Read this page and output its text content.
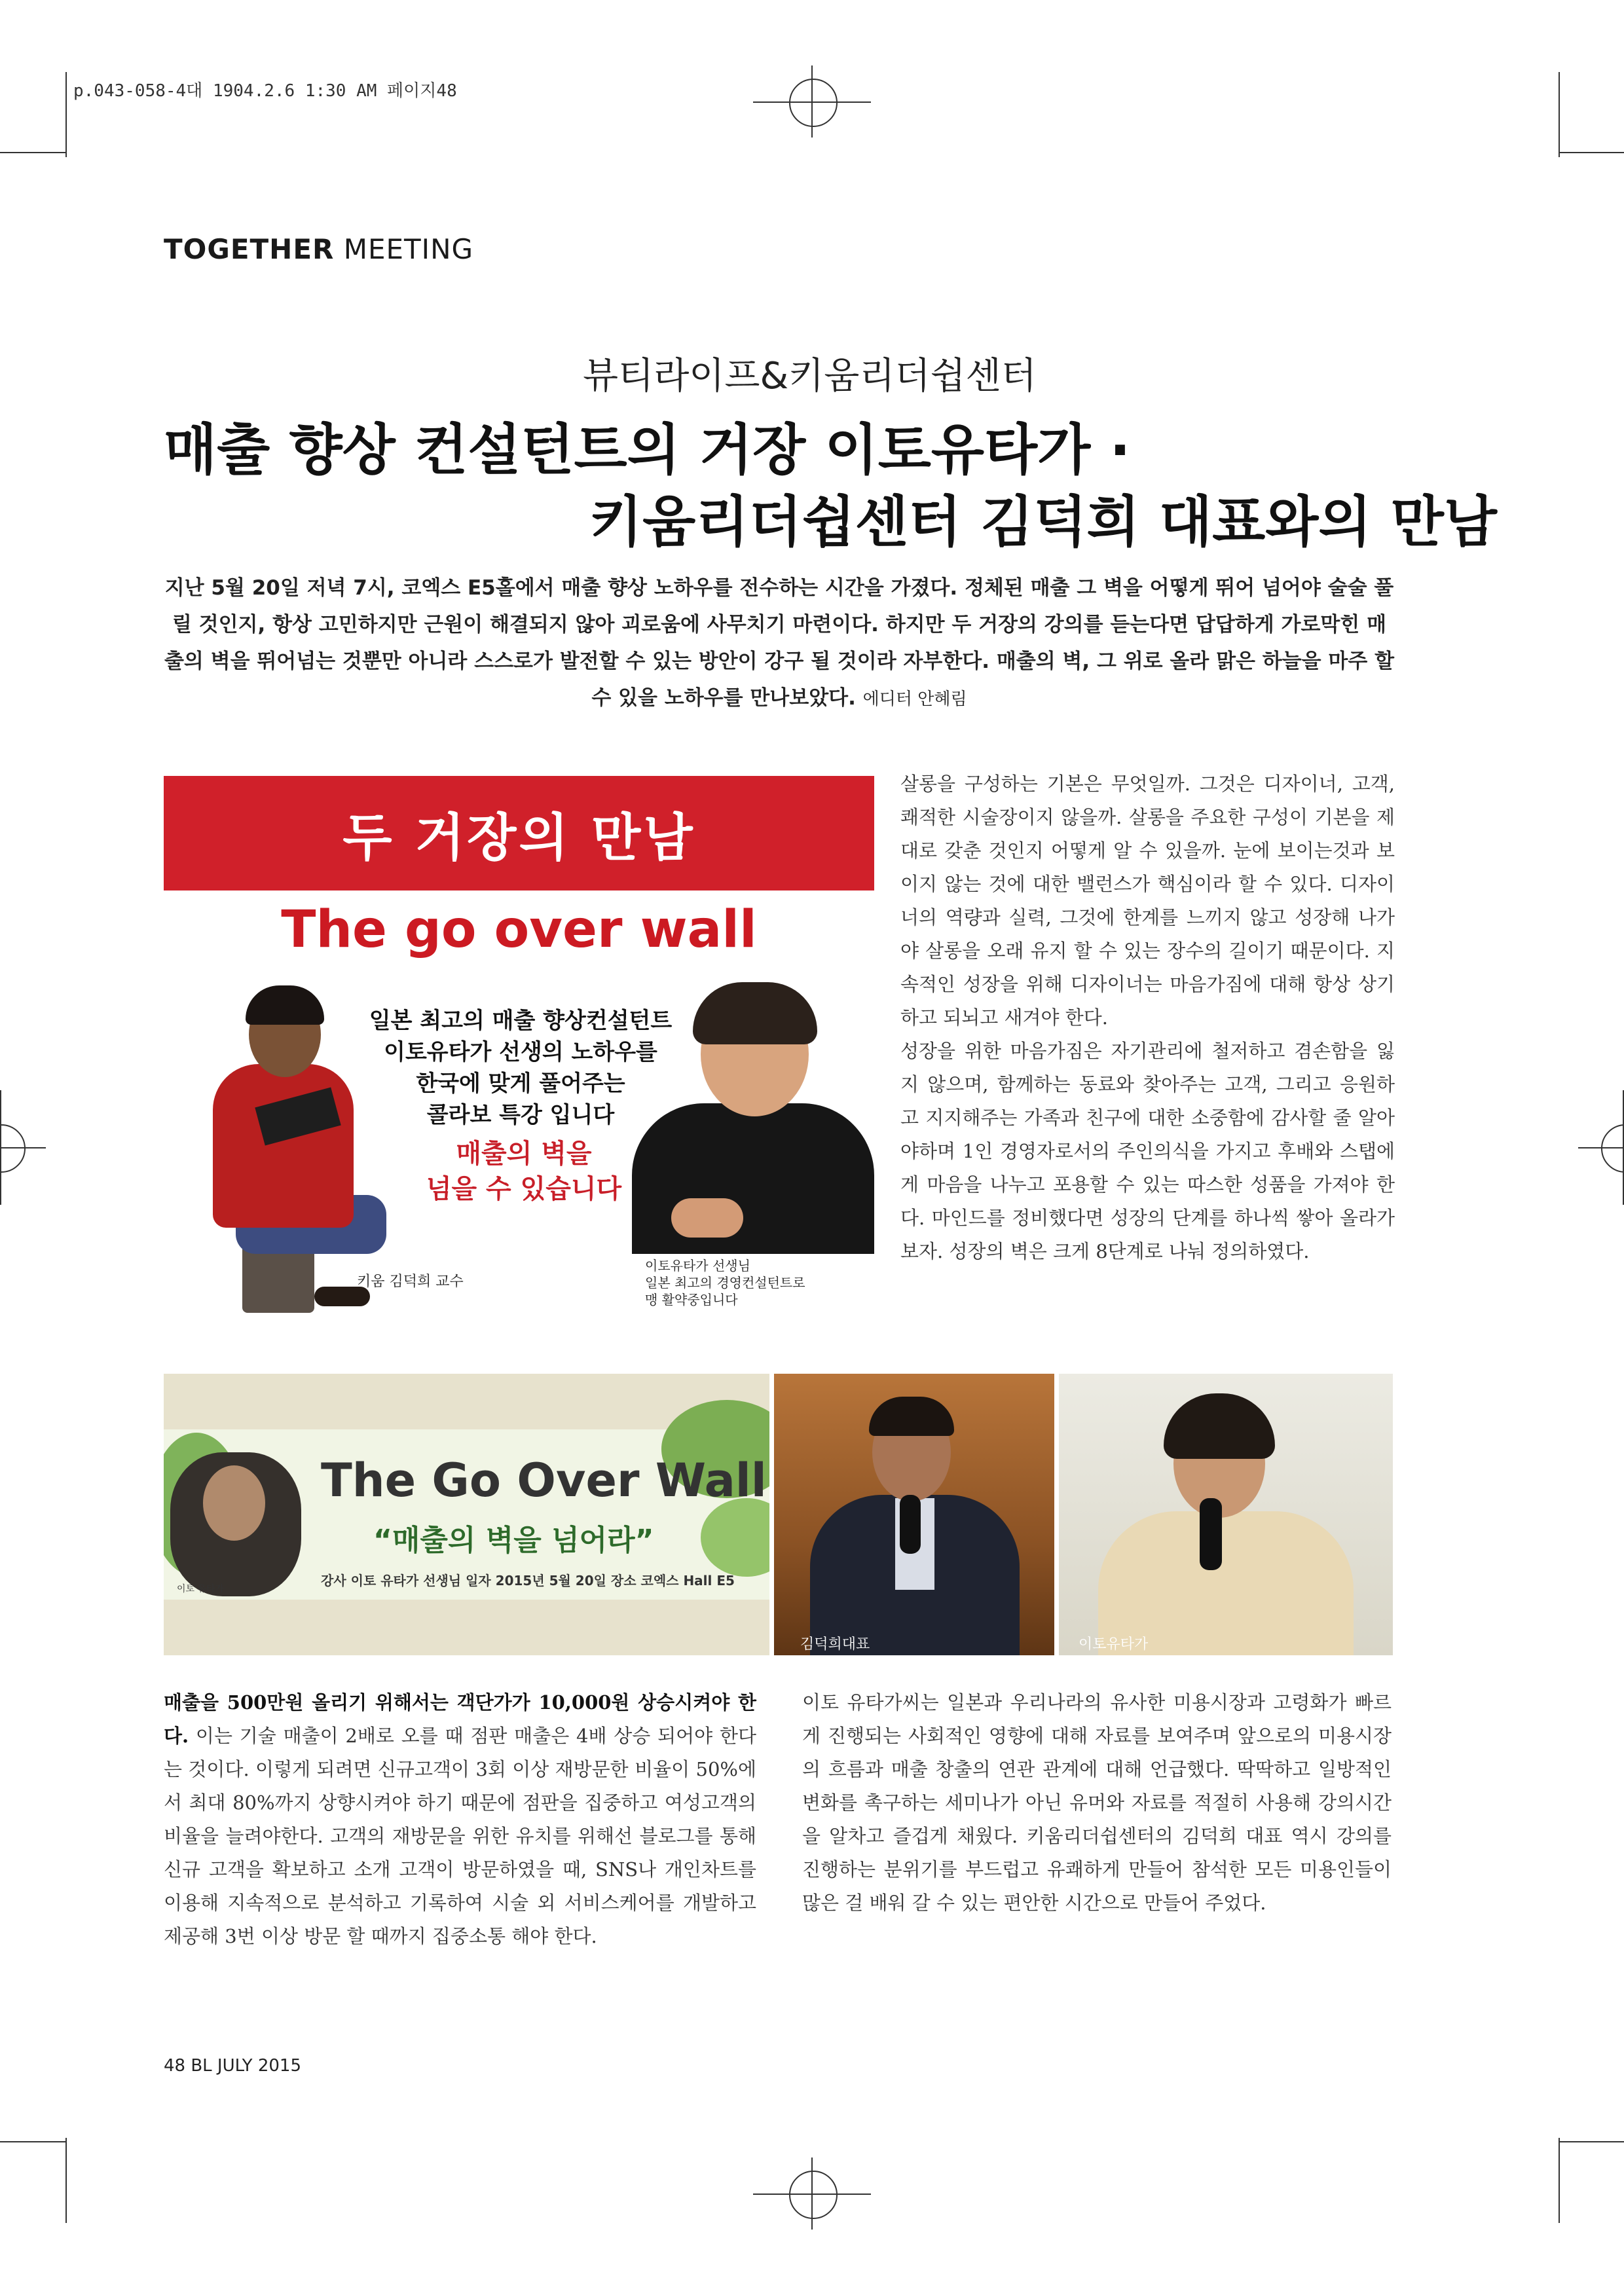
p.043-058-4대 1904.2.6 1:30 AM 페이지48
TOGETHER MEETING
뷰티라이프&키움리더쉽센터
매출 향상 컨설턴트의 거장 이토유타가 ·
키움리더쉽센터 김덕희 대표와의 만남
지난 5월 20일 저녁 7시, 코엑스 E5홀에서 매출 향상 노하우를 전수하는 시간을 가졌다. 정체된 매출 그 벽을 어떻게 뛰어 넘어야 술술 풀릴 것인지, 항상 고민하지만 근원이 해결되지 않아 괴로움에 사무치기 마련이다. 하지만 두 거장의 강의를 듣는다면 답답하게 가로막힌 매출의 벽을 뛰어넘는 것뿐만 아니라 스스로가 발전할 수 있는 방안이 강구 될 것이라 자부한다. 매출의 벽, 그 위로 올라 맑은 하늘을 마주 할 수 있을 노하우를 만나보았다. 에디터 안혜림
두 거장의 만남
The go over wall
일본 최고의 매출 향상컨설턴트
이토유타가 선생의 노하우를
한국에 맞게 풀어주는
콜라보 특강 입니다
매출의 벽을
넘을 수 있습니다
키움 김덕희 교수
이토유타가 선생님
일본 최고의 경영컨설턴트로
맹 활약중입니다

살롱을 구성하는 기본은 무엇일까. 그것은 디자이너, 고객, 쾌적한 시술장이지 않을까. 살롱을 주요한 구성이 기본을 제대로 갖춘 것인지 어떻게 알 수 있을까. 눈에 보이는것과 보이지 않는 것에 대한 밸런스가 핵심이라 할 수 있다. 디자이너의 역량과 실력, 그것에 한계를 느끼지 않고 성장해 나가야 살롱을 오래 유지 할 수 있는 장수의 길이기 때문이다. 지속적인 성장을 위해 디자이너는 마음가짐에 대해 항상 상기하고 되뇌고 새겨야 한다.

성장을 위한 마음가짐은 자기관리에 철저하고 겸손함을 잃지 않으며, 함께하는 동료와 찾아주는 고객, 그리고 응원하고 지지해주는 가족과 친구에 대한 소중함에 감사할 줄 알아야하며 1인 경영자로서의 주인의식을 가지고 후배와 스탭에게 마음을 나누고 포용할 수 있는 따스한 성품을 가져야 한다. 마인드를 정비했다면 성장의 단계를 하나씩 쌓아 올라가보자. 성장의 벽은 크게 8단계로 나눠 정의하였다.

The Go Over Wall
“매출의 벽을 넘어라”
강사 이토 유타가 선생님 일자 2015년 5월 20일 장소 코엑스 Hall E5
이토 유타가
김덕희대표	이토유타가

매출을 500만원 올리기 위해서는 객단가가 10,000원 상승시켜야 한다. 이는 기술 매출이 2배로 오를 때 점판 매출은 4배 상승 되어야 한다는 것이다. 이렇게 되려면 신규고객이 3회 이상 재방문한 비율이 50%에서 최대 80%까지 상향시켜야 하기 때문에 점판을 집중하고 여성고객의 비율을 늘려야한다. 고객의 재방문을 위한 유치를 위해선 블로그를 통해 신규 고객을 확보하고 소개 고객이 방문하였을 때, SNS나 개인차트를 이용해 지속적으로 분석하고 기록하여 시술 외 서비스케어를 개발하고 제공해 3번 이상 방문 할 때까지 집중소통 해야 한다.

이토 유타가씨는 일본과 우리나라의 유사한 미용시장과 고령화가 빠르게 진행되는 사회적인 영향에 대해 자료를 보여주며 앞으로의 미용시장의 흐름과 매출 창출의 연관 관계에 대해 언급했다. 딱딱하고 일방적인 변화를 촉구하는 세미나가 아닌 유머와 자료를 적절히 사용해 강의시간을 알차고 즐겁게 채웠다. 키움리더쉽센터의 김덕희 대표 역시 강의를 진행하는 분위기를 부드럽고 유쾌하게 만들어 참석한 모든 미용인들이 많은 걸 배워 갈 수 있는 편안한 시간으로 만들어 주었다.

48 BL JULY 2015
